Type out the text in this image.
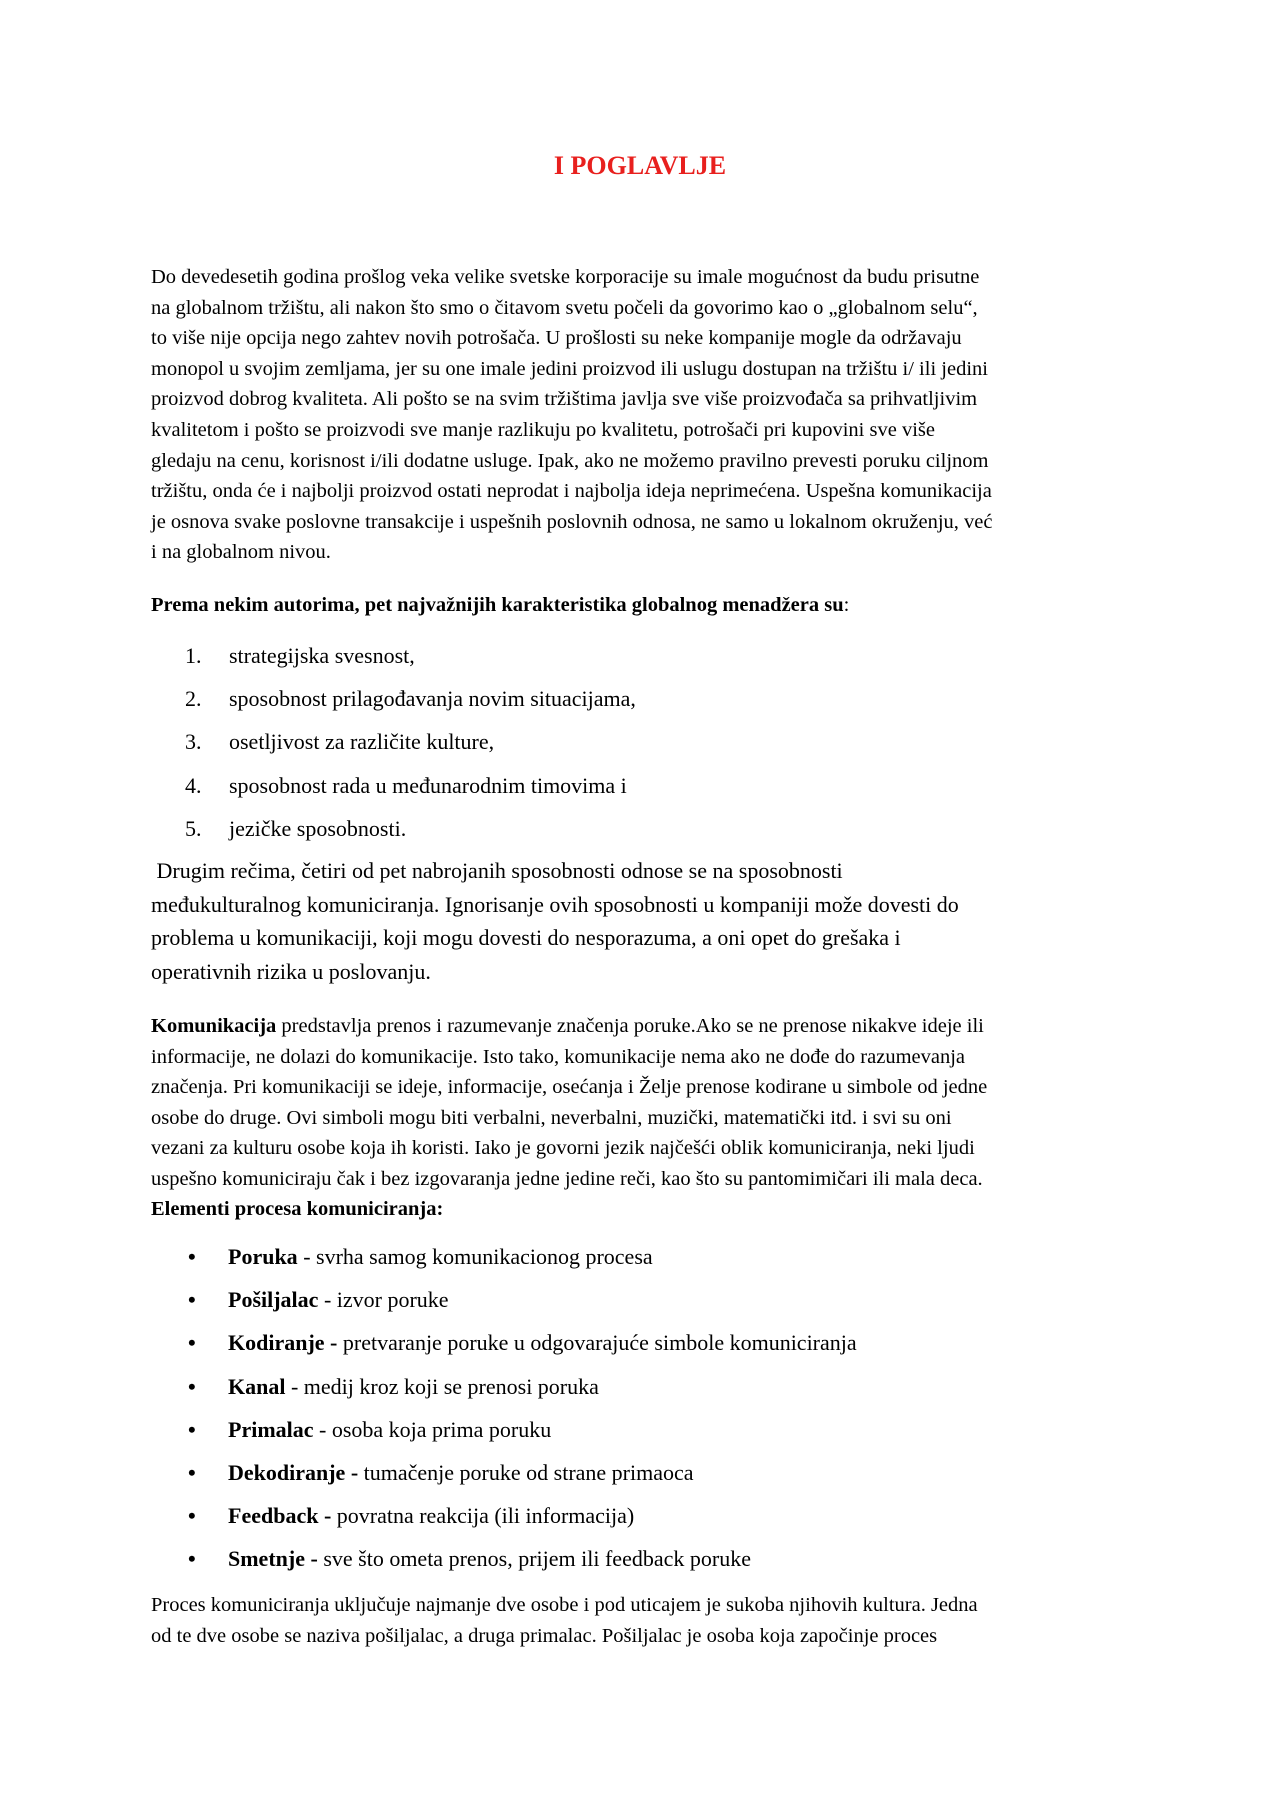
I POGLAVLJE

Do devedesetih godina prošlog veka velike svetske korporacije su imale mogućnost da budu prisutne
na globalnom tržištu, ali nakon što smo o čitavom svetu počeli da govorimo kao o „globalnom selu“,
to više nije opcija nego zahtev novih potrošača. U prošlosti su neke kompanije mogle da održavaju
monopol u svojim zemljama, jer su one imale jedini proizvod ili uslugu dostupan na tržištu i/ ili jedini
proizvod dobrog kvaliteta. Ali pošto se na svim tržištima javlja sve više proizvođača sa prihvatljivim
kvalitetom i pošto se proizvodi sve manje razlikuju po kvalitetu, potrošači pri kupovini sve više
gledaju na cenu, korisnost i/ili dodatne usluge. Ipak, ako ne možemo pravilno prevesti poruku ciljnom
tržištu, onda će i najbolji proizvod ostati neprodat i najbolja ideja neprimećena. Uspešna komunikacija
je osnova svake poslovne transakcije i uspešnih poslovnih odnosa, ne samo u lokalnom okruženju, već
i na globalnom nivou.

Prema nekim autorima, pet najvažnijih karakteristika globalnog menadžera su:

1.	strategijska svesnost,
2.	sposobnost prilagođavanja novim situacijama,
3.	osetljivost za različite kulture,
4.	sposobnost rada u međunarodnim timovima i
5.	jezičke sposobnosti.

Drugim rečima, četiri od pet nabrojanih sposobnosti odnose se na sposobnosti
međukulturalnog komuniciranja. Ignorisanje ovih sposobnosti u kompaniji može dovesti do
problema u komunikaciji, koji mogu dovesti do nesporazuma, a oni opet do grešaka i
operativnih rizika u poslovanju.

Komunikacija predstavlja prenos i razumevanje značenja poruke.Ako se ne prenose nikakve ideje ili
informacije, ne dolazi do komunikacije. Isto tako, komunikacije nema ako ne dođe do razumevanja
značenja. Pri komunikaciji se ideje, informacije, osećanja i Želje prenose kodirane u simbole od jedne
osobe do druge. Ovi simboli mogu biti verbalni, neverbalni, muzički, matematički itd. i svi su oni
vezani za kulturu osobe koja ih koristi. Iako je govorni jezik najčešći oblik komuniciranja, neki ljudi
uspešno komuniciraju čak i bez izgovaranja jedne jedine reči, kao što su pantomimičari ili mala deca.
Elementi procesa komuniciranja:

•	Poruka - svrha samog komunikacionog procesa
•	Pošiljalac - izvor poruke
•	Kodiranje - pretvaranje poruke u odgovarajuće simbole komuniciranja
•	Kanal - medij kroz koji se prenosi poruka
•	Primalac - osoba koja prima poruku
•	Dekodiranje - tumačenje poruke od strane primaoca
•	Feedback - povratna reakcija (ili informacija)
•	Smetnje - sve što ometa prenos, prijem ili feedback poruke

Proces komuniciranja uključuje najmanje dve osobe i pod uticajem je sukoba njihovih kultura. Jedna
od te dve osobe se naziva pošiljalac, a druga primalac. Pošiljalac je osoba koja započinje proces
